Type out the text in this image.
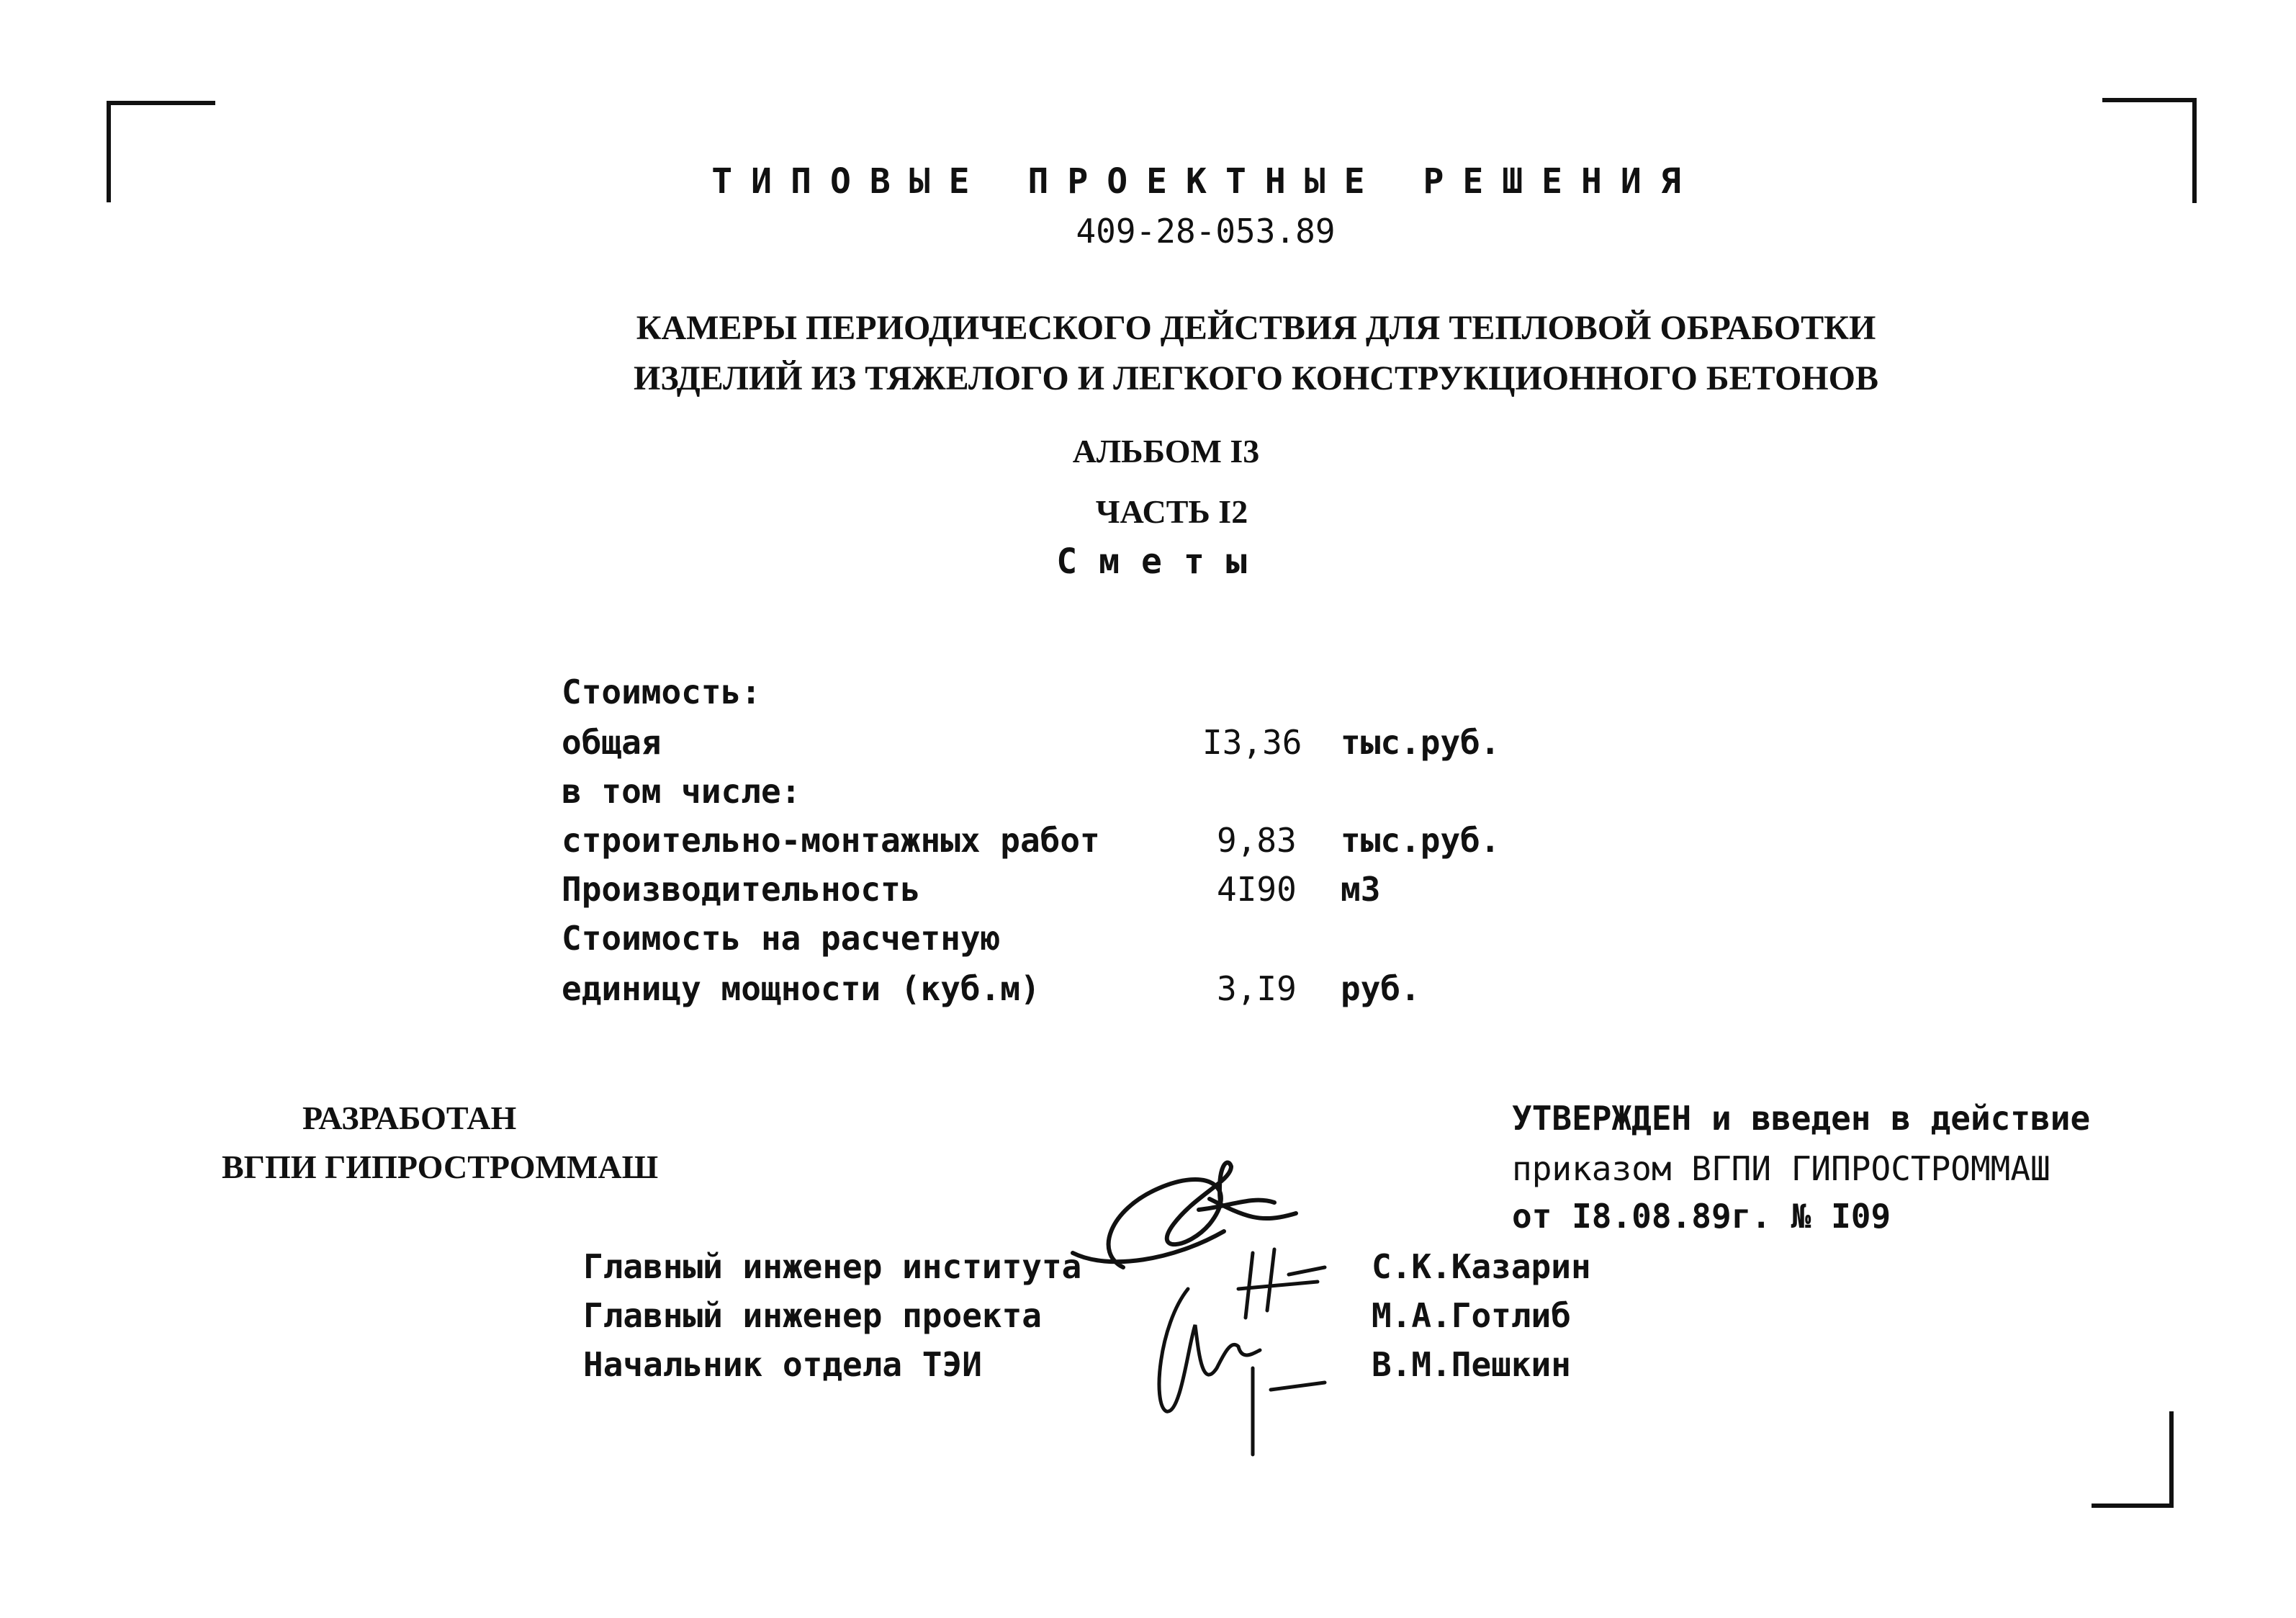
ТИПОВЫЕ ПРОЕКТНЫЕ РЕШЕНИЯ
409-28-053.89
КАМЕРЫ ПЕРИОДИЧЕСКОГО ДЕЙСТВИЯ ДЛЯ ТЕПЛОВОЙ ОБРАБОТКИ
ИЗДЕЛИЙ ИЗ ТЯЖЕЛОГО И ЛЕГКОГО КОНСТРУКЦИОННОГО БЕТОНОВ
АЛЬБОМ I3
ЧАСТЬ I2
Сметы
Стоимость:
общая	I3,36 тыс.руб.
в том числе:
строительно-монтажных работ	9,83 тыс.руб.
Производительность	4I90 м3
Стоимость на расчетную
единицу мощности (куб.м)	3,I9 руб.
РАЗРАБОТАН
ВГПИ ГИПРОСТРОММАШ
УТВЕРЖДЕН и введен в действие
приказом ВГПИ ГИПРОСТРОММАШ
от I8.08.89г. № I09
Главный инженер института	С.К.Казарин
Главный инженер проекта	М.А.Готлиб
Начальник отдела ТЭИ	В.М.Пешкин
